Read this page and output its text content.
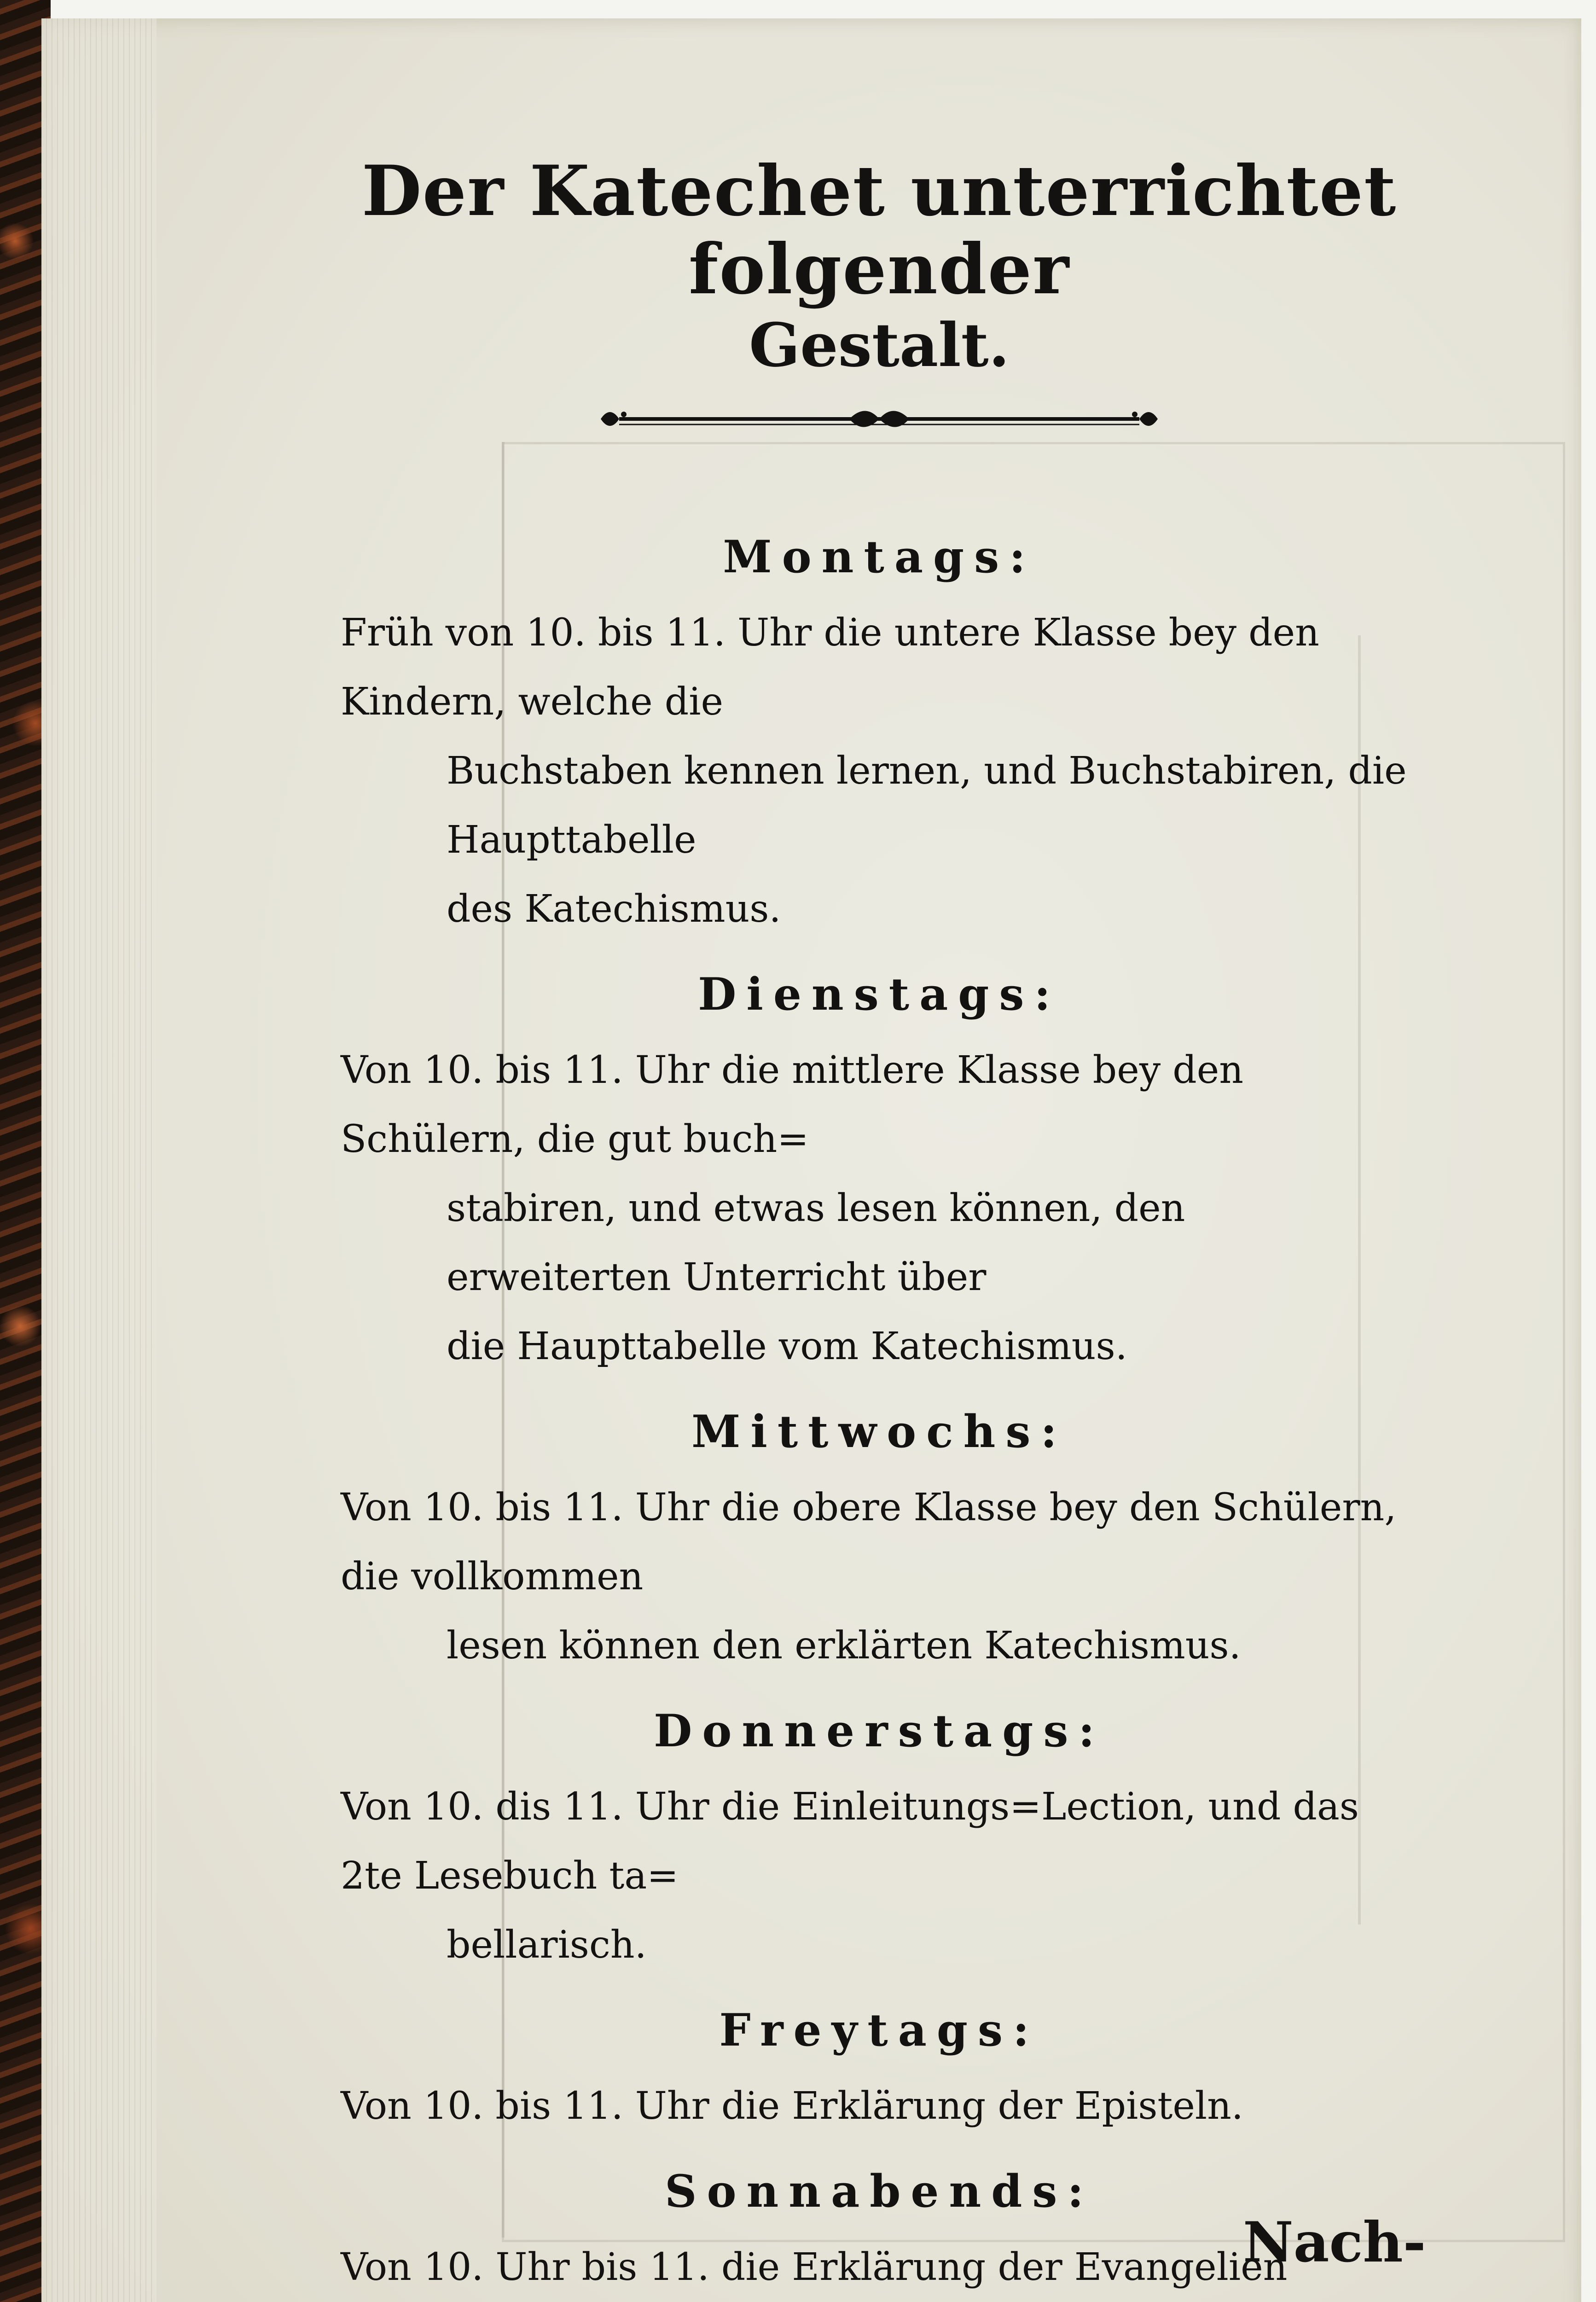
Der Katechet unterrichtet folgender
Gestalt.
Montags:

Früh von 10. bis 11. Uhr die untere Klasse bey den Kindern, welche die

Buchstaben kennen lernen, und Buchstabiren, die Haupttabelle

des Katechismus.

Dienstags:

Von 10. bis 11. Uhr die mittlere Klasse bey den Schülern, die gut buch=

stabiren, und etwas lesen können, den erweiterten Unterricht über

die Haupttabelle vom Katechismus.

Mittwochs:

Von 10. bis 11. Uhr die obere Klasse bey den Schülern, die vollkommen

lesen können den erklärten Katechismus.

Donnerstags:

Von 10. dis 11. Uhr die Einleitungs=Lection, und das 2te Lesebuch ta=

bellarisch.

Freytags:

Von 10. bis 11. Uhr die Erklärung der Episteln.

Sonnabends:

Von 10. Uhr bis 11. die Erklärung der Evangelien

Nach-
